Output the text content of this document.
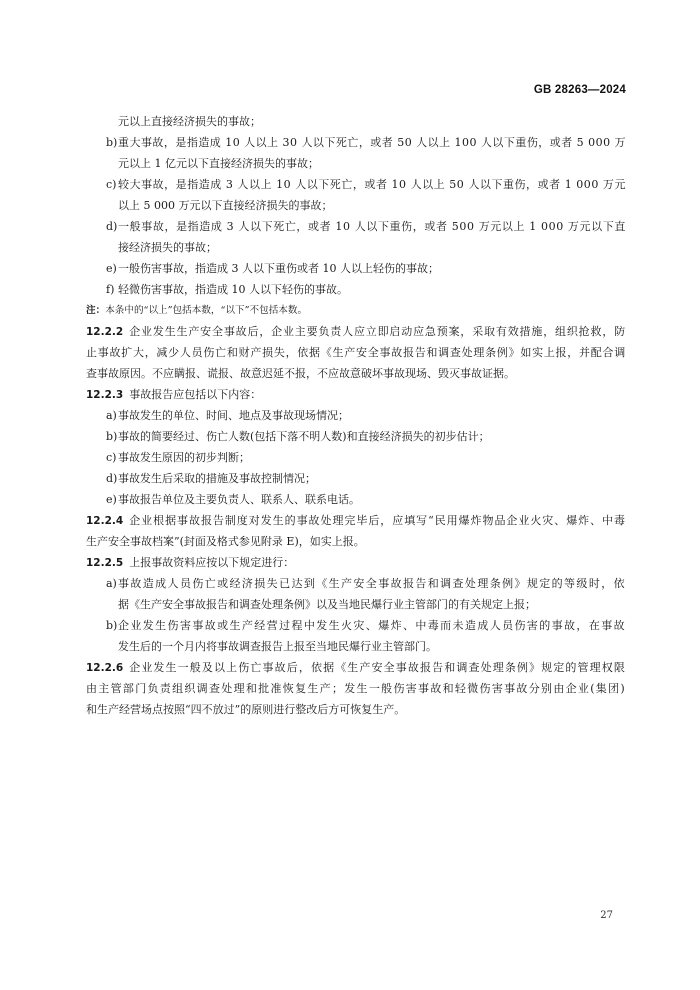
GB 28263—2024
元以上直接经济损失的事故；
b) 重大事故，是指造成 10 人以上 30 人以下死亡，或者 50 人以上 100 人以下重伤，或者 5 000 万
元以上 1 亿元以下直接经济损失的事故；
c) 较大事故，是指造成 3 人以上 10 人以下死亡，或者 10 人以上 50 人以下重伤，或者 1 000 万元
以上 5 000 万元以下直接经济损失的事故；
d) 一般事故，是指造成 3 人以下死亡，或者 10 人以下重伤，或者 500 万元以上 1 000 万元以下直
接经济损失的事故；
e) 一般伤害事故，指造成 3 人以下重伤或者 10 人以上轻伤的事故；
f) 轻微伤害事故，指造成 10 人以下轻伤的事故。
注：本条中的“以上”包括本数，“以下”不包括本数。
12.2.2 企业发生生产安全事故后，企业主要负责人应立即启动应急预案，采取有效措施，组织抢救，防
止事故扩大，减少人员伤亡和财产损失，依据《生产安全事故报告和调查处理条例》如实上报，并配合调
查事故原因。不应瞒报、谎报、故意迟延不报，不应故意破坏事故现场、毁灭事故证据。
12.2.3 事故报告应包括以下内容：
a) 事故发生的单位、时间、地点及事故现场情况；
b) 事故的简要经过、伤亡人数(包括下落不明人数)和直接经济损失的初步估计；
c) 事故发生原因的初步判断；
d) 事故发生后采取的措施及事故控制情况；
e) 事故报告单位及主要负责人、联系人、联系电话。
12.2.4 企业根据事故报告制度对发生的事故处理完毕后，应填写“民用爆炸物品企业火灾、爆炸、中毒
生产安全事故档案”(封面及格式参见附录 E)，如实上报。
12.2.5 上报事故资料应按以下规定进行：
a) 事故造成人员伤亡或经济损失已达到《生产安全事故报告和调查处理条例》规定的等级时，依
据《生产安全事故报告和调查处理条例》以及当地民爆行业主管部门的有关规定上报；
b) 企业发生伤害事故或生产经营过程中发生火灾、爆炸、中毒而未造成人员伤害的事故，在事故
发生后的一个月内将事故调查报告上报至当地民爆行业主管部门。
12.2.6 企业发生一般及以上伤亡事故后，依据《生产安全事故报告和调查处理条例》规定的管理权限
由主管部门负责组织调查处理和批准恢复生产；发生一般伤害事故和轻微伤害事故分别由企业(集团)
和生产经营场点按照“四不放过”的原则进行整改后方可恢复生产。
27
